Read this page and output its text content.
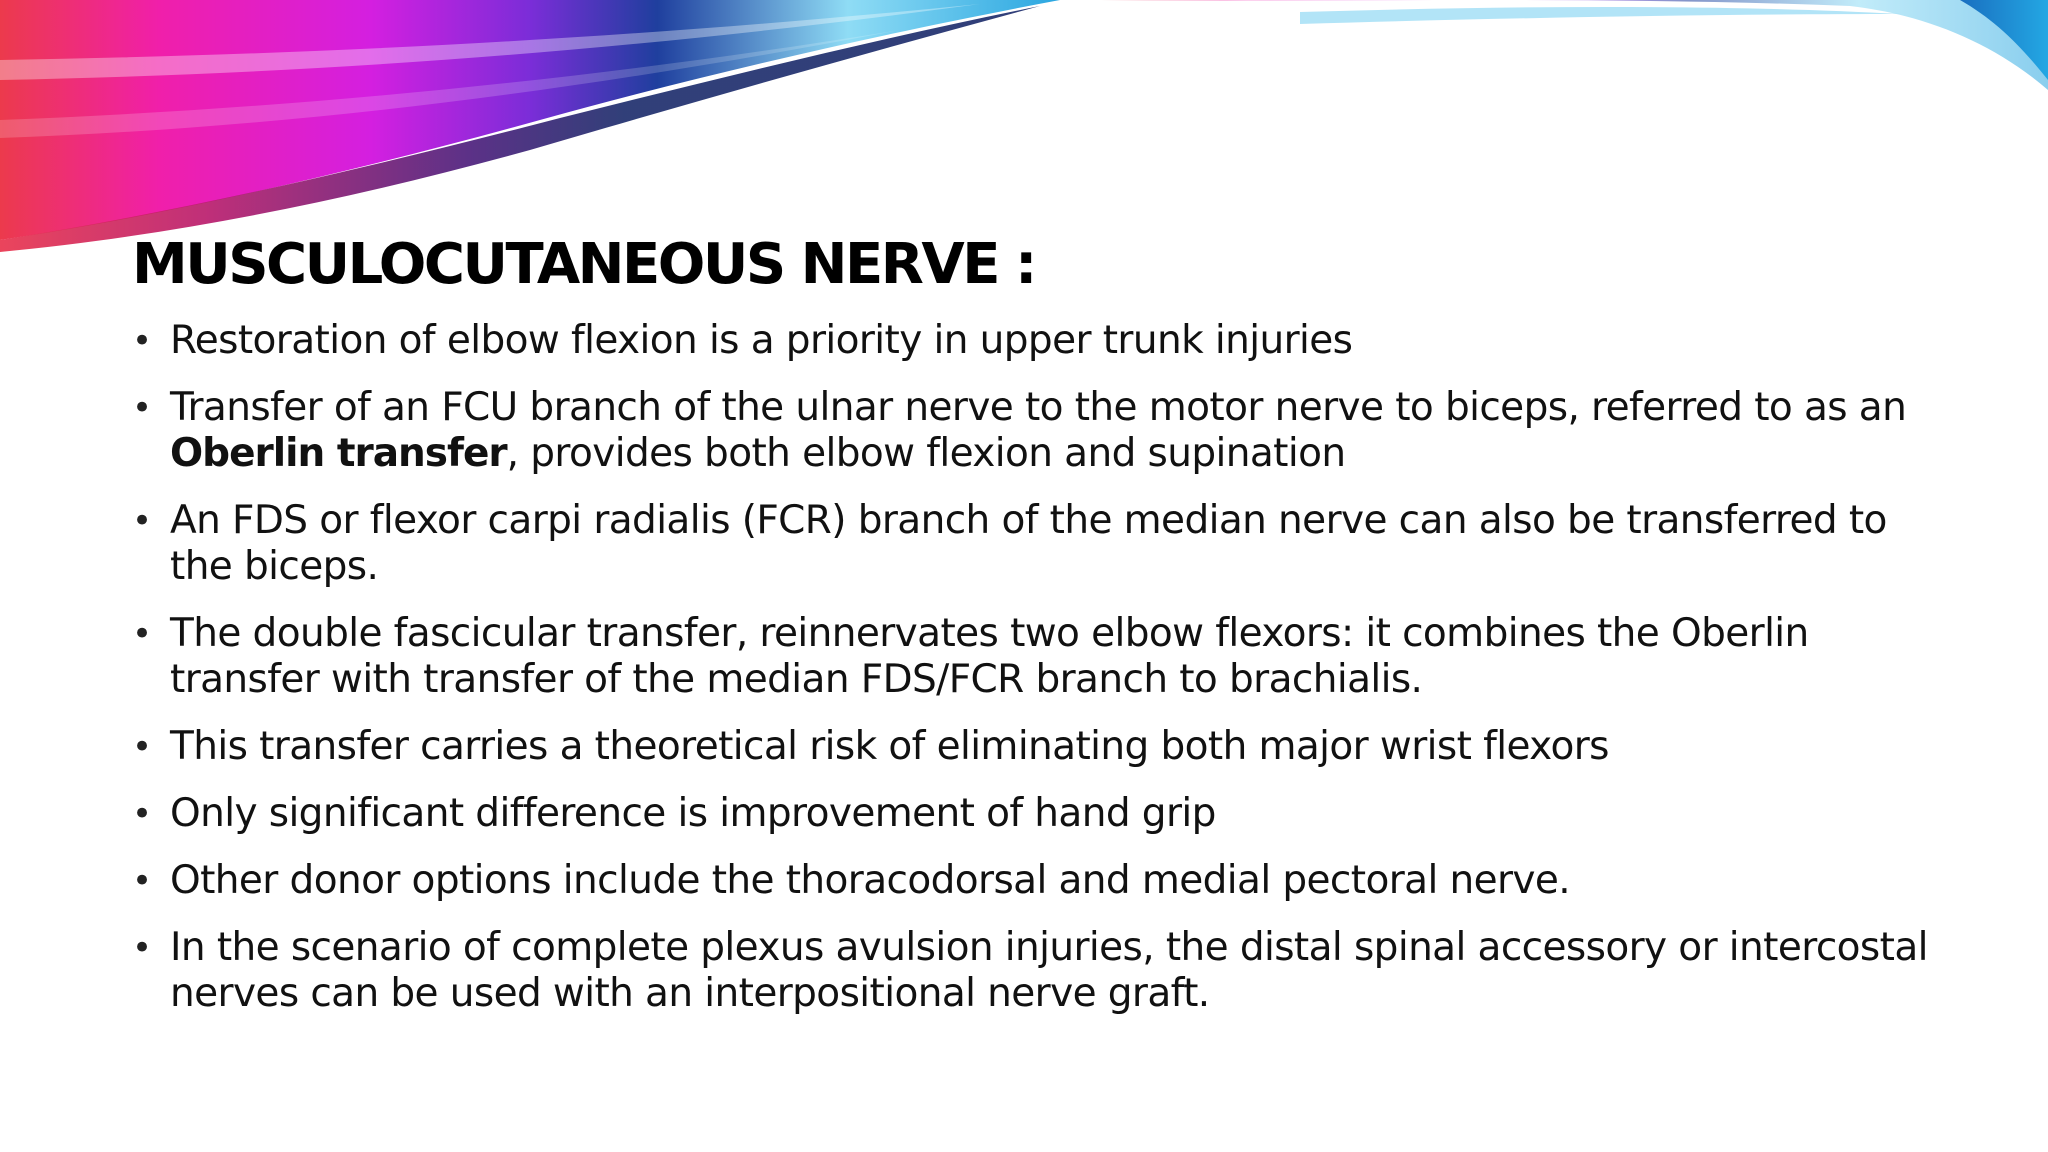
MUSCULOCUTANEOUS NERVE :
• Restoration of elbow flexion is a priority in upper trunk injuries
• Transfer of an FCU branch of the ulnar nerve to the motor nerve to biceps, referred to as an Oberlin transfer, provides both elbow flexion and supination
• An FDS or flexor carpi radialis (FCR) branch of the median nerve can also be transferred to the biceps.
• The double fascicular transfer, reinnervates two elbow flexors: it combines the Oberlin transfer with transfer of the median FDS/FCR branch to brachialis.
• This transfer carries a theoretical risk of eliminating both major wrist flexors
• Only significant difference is improvement of hand grip
• Other donor options include the thoracodorsal and medial pectoral nerve.
• In the scenario of complete plexus avulsion injuries, the distal spinal accessory or intercostal nerves can be used with an interpositional nerve graft.
